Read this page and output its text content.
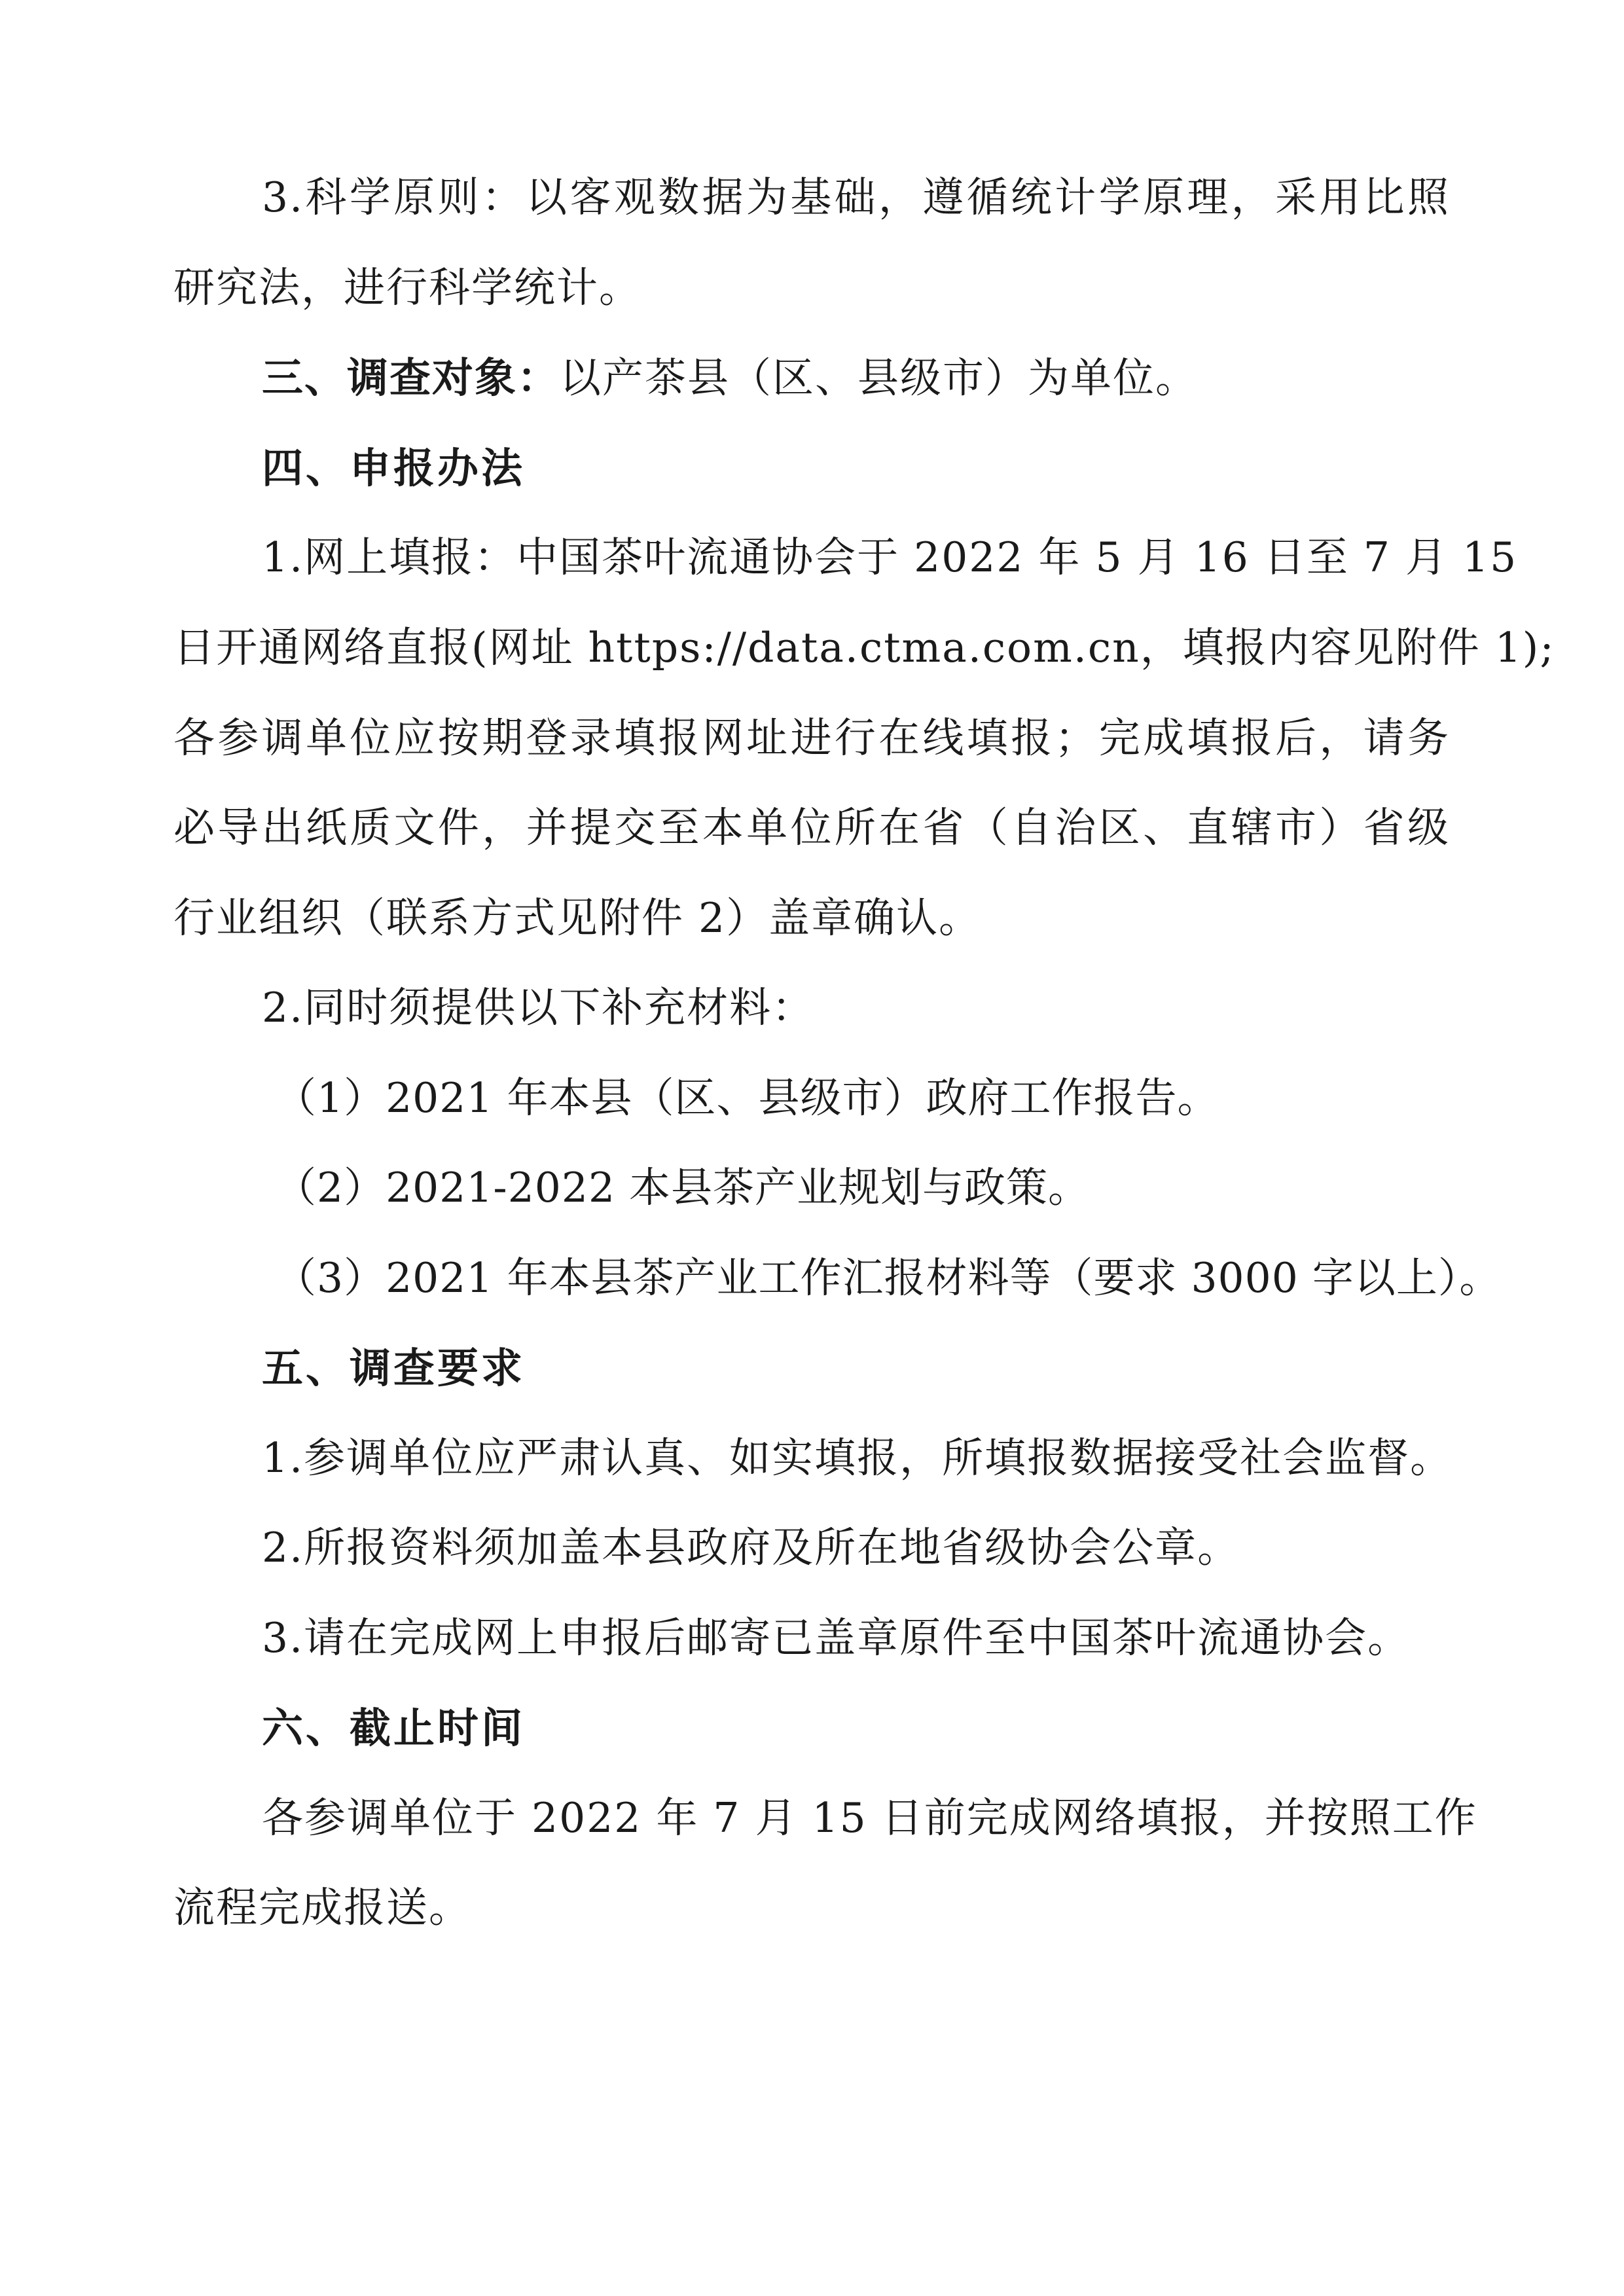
3.科学原则：以客观数据为基础，遵循统计学原理，采用比照
研究法，进行科学统计。
三、调查对象：以产茶县（区、县级市）为单位。
四、申报办法
1.网上填报：中国茶叶流通协会于 2022 年 5 月 16 日至 7 月 15
日开通网络直报(网址 https://data.ctma.com.cn，填报内容见附件 1);
各参调单位应按期登录填报网址进行在线填报；完成填报后，请务
必导出纸质文件，并提交至本单位所在省（自治区、直辖市）省级
行业组织（联系方式见附件 2）盖章确认。
2.同时须提供以下补充材料：
（1）2021 年本县（区、县级市）政府工作报告。
（2）2021-2022 本县茶产业规划与政策。
（3）2021 年本县茶产业工作汇报材料等（要求 3000 字以上）。
五、调查要求
1.参调单位应严肃认真、如实填报，所填报数据接受社会监督。
2.所报资料须加盖本县政府及所在地省级协会公章。
3.请在完成网上申报后邮寄已盖章原件至中国茶叶流通协会。
六、截止时间
各参调单位于 2022 年 7 月 15 日前完成网络填报，并按照工作
流程完成报送。
